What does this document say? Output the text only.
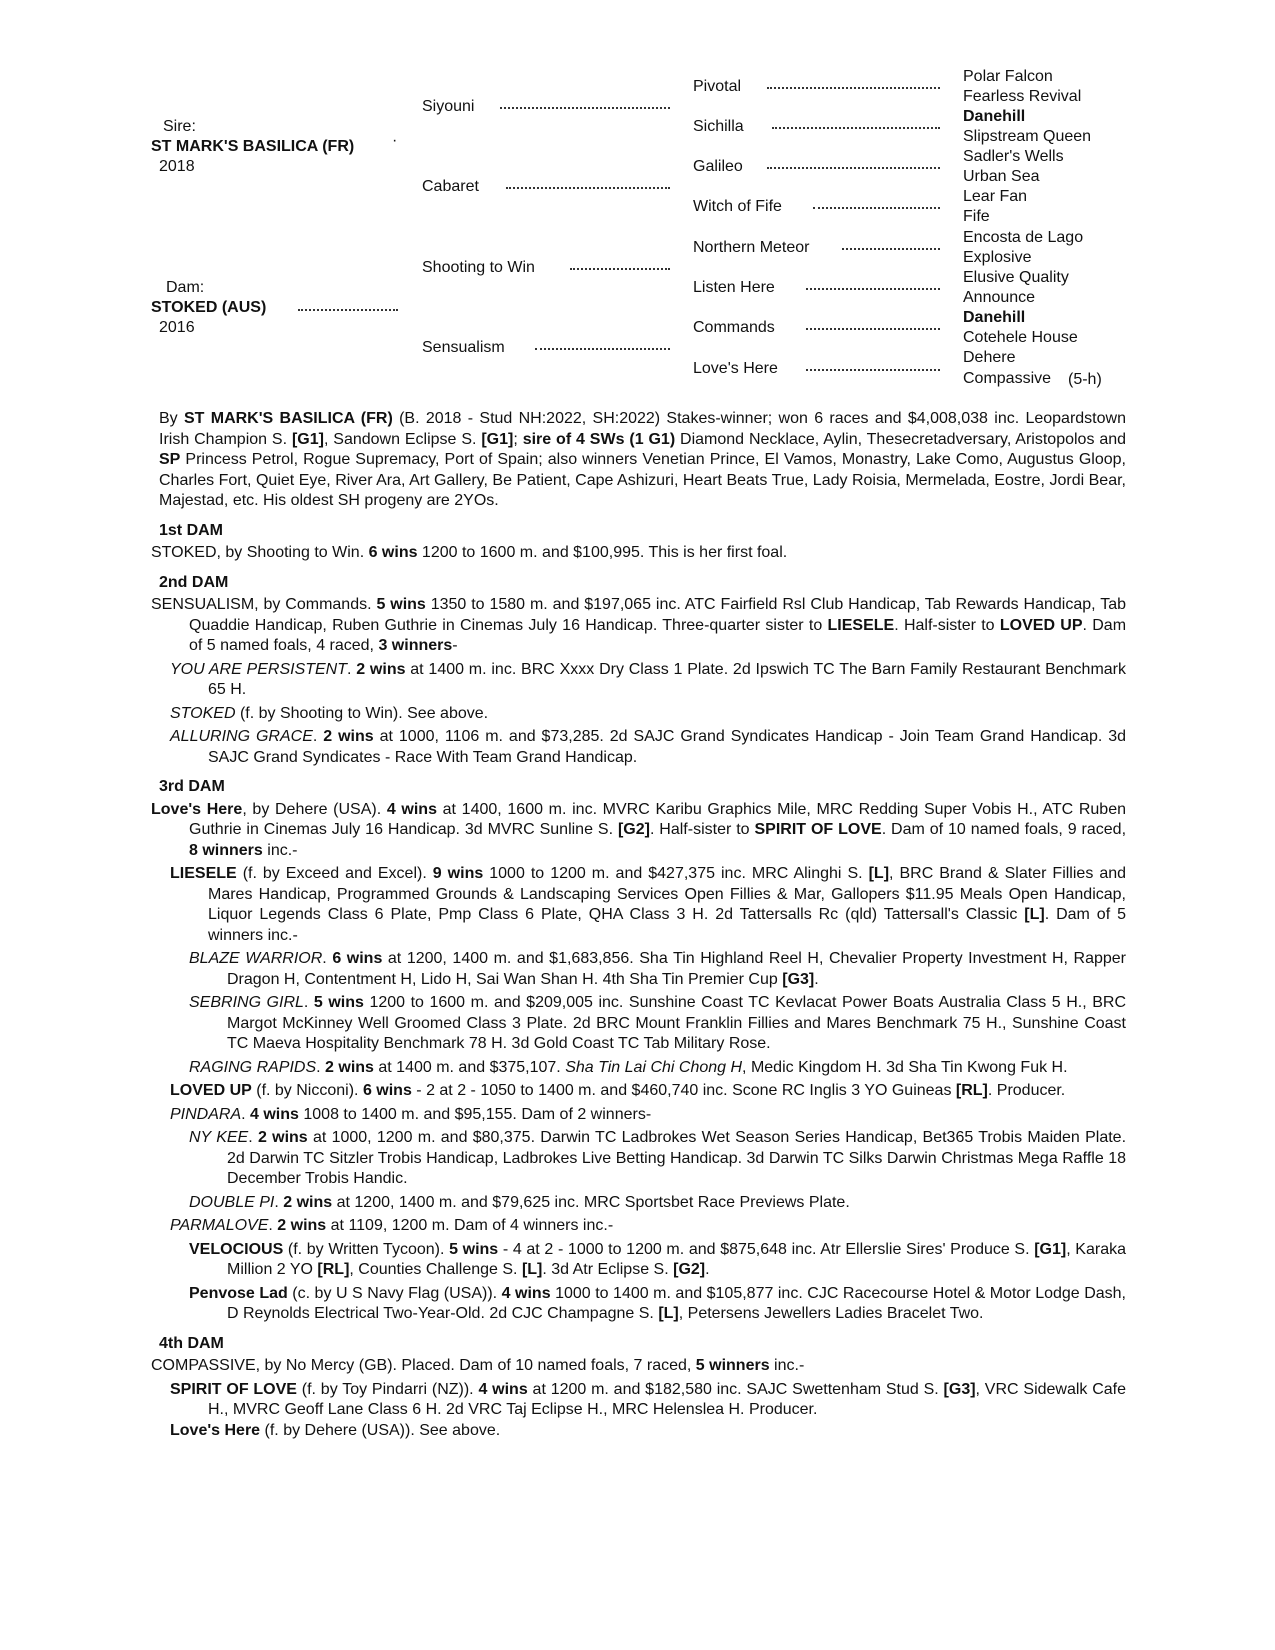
Sire:
ST MARK'S BASILICA (FR) ·
2018
Dam:
STOKED (AUS)
2016
Siyouni
Cabaret
Shooting to Win
Sensualism
Pivotal
Sichilla
Galileo
Witch of Fife
Northern Meteor
Listen Here
Commands
Love's Here
Polar Falcon
Fearless Revival
Danehill
Slipstream Queen
Sadler's Wells
Urban Sea
Lear Fan
Fife
Encosta de Lago
Explosive
Elusive Quality
Announce
Danehill
Cotehele House
Dehere
Compassive (5-h)

By ST MARK'S BASILICA (FR) (B. 2018 - Stud NH:2022, SH:2022) Stakes-winner; won 6 races and $4,008,038 inc. Leopardstown Irish Champion S. [G1], Sandown Eclipse S. [G1]; sire of 4 SWs (1 G1) Diamond Necklace, Aylin, Thesecretadversary, Aristopolos and SP Princess Petrol, Rogue Supremacy, Port of Spain; also winners Venetian Prince, El Vamos, Monastry, Lake Como, Augustus Gloop, Charles Fort, Quiet Eye, River Ara, Art Gallery, Be Patient, Cape Ashizuri, Heart Beats True, Lady Roisia, Mermelada, Eostre, Jordi Bear, Majestad, etc. His oldest SH progeny are 2YOs.

1st DAM

STOKED, by Shooting to Win. 6 wins 1200 to 1600 m. and $100,995. This is her first foal.

2nd DAM

SENSUALISM, by Commands. 5 wins 1350 to 1580 m. and $197,065 inc. ATC Fairfield Rsl Club Handicap, Tab Rewards Handicap, Tab Quaddie Handicap, Ruben Guthrie in Cinemas July 16 Handicap. Three-quarter sister to LIESELE. Half-sister to LOVED UP. Dam of 5 named foals, 4 raced, 3 winners-

YOU ARE PERSISTENT. 2 wins at 1400 m. inc. BRC Xxxx Dry Class 1 Plate. 2d Ipswich TC The Barn Family Restaurant Benchmark 65 H.

STOKED (f. by Shooting to Win). See above.

ALLURING GRACE. 2 wins at 1000, 1106 m. and $73,285. 2d SAJC Grand Syndicates Handicap - Join Team Grand Handicap. 3d SAJC Grand Syndicates - Race With Team Grand Handicap.

3rd DAM

Love's Here, by Dehere (USA). 4 wins at 1400, 1600 m. inc. MVRC Karibu Graphics Mile, MRC Redding Super Vobis H., ATC Ruben Guthrie in Cinemas July 16 Handicap. 3d MVRC Sunline S. [G2]. Half-sister to SPIRIT OF LOVE. Dam of 10 named foals, 9 raced, 8 winners inc.-

LIESELE (f. by Exceed and Excel). 9 wins 1000 to 1200 m. and $427,375 inc. MRC Alinghi S. [L], BRC Brand & Slater Fillies and Mares Handicap, Programmed Grounds & Landscaping Services Open Fillies & Mar, Gallopers $11.95 Meals Open Handicap, Liquor Legends Class 6 Plate, Pmp Class 6 Plate, QHA Class 3 H. 2d Tattersalls Rc (qld) Tattersall's Classic [L]. Dam of 5 winners inc.-

BLAZE WARRIOR. 6 wins at 1200, 1400 m. and $1,683,856. Sha Tin Highland Reel H, Chevalier Property Investment H, Rapper Dragon H, Contentment H, Lido H, Sai Wan Shan H. 4th Sha Tin Premier Cup [G3].

SEBRING GIRL. 5 wins 1200 to 1600 m. and $209,005 inc. Sunshine Coast TC Kevlacat Power Boats Australia Class 5 H., BRC Margot McKinney Well Groomed Class 3 Plate. 2d BRC Mount Franklin Fillies and Mares Benchmark 75 H., Sunshine Coast TC Maeva Hospitality Benchmark 78 H. 3d Gold Coast TC Tab Military Rose.

RAGING RAPIDS. 2 wins at 1400 m. and $375,107. Sha Tin Lai Chi Chong H, Medic Kingdom H. 3d Sha Tin Kwong Fuk H.

LOVED UP (f. by Nicconi). 6 wins - 2 at 2 - 1050 to 1400 m. and $460,740 inc. Scone RC Inglis 3 YO Guineas [RL]. Producer.

PINDARA. 4 wins 1008 to 1400 m. and $95,155. Dam of 2 winners-

NY KEE. 2 wins at 1000, 1200 m. and $80,375. Darwin TC Ladbrokes Wet Season Series Handicap, Bet365 Trobis Maiden Plate. 2d Darwin TC Sitzler Trobis Handicap, Ladbrokes Live Betting Handicap. 3d Darwin TC Silks Darwin Christmas Mega Raffle 18 December Trobis Handic.

DOUBLE PI. 2 wins at 1200, 1400 m. and $79,625 inc. MRC Sportsbet Race Previews Plate.

PARMALOVE. 2 wins at 1109, 1200 m. Dam of 4 winners inc.-

VELOCIOUS (f. by Written Tycoon). 5 wins - 4 at 2 - 1000 to 1200 m. and $875,648 inc. Atr Ellerslie Sires' Produce S. [G1], Karaka Million 2 YO [RL], Counties Challenge S. [L]. 3d Atr Eclipse S. [G2].

Penvose Lad (c. by U S Navy Flag (USA)). 4 wins 1000 to 1400 m. and $105,877 inc. CJC Racecourse Hotel & Motor Lodge Dash, D Reynolds Electrical Two-Year-Old. 2d CJC Champagne S. [L], Petersens Jewellers Ladies Bracelet Two.

4th DAM

COMPASSIVE, by No Mercy (GB). Placed. Dam of 10 named foals, 7 raced, 5 winners inc.-

SPIRIT OF LOVE (f. by Toy Pindarri (NZ)). 4 wins at 1200 m. and $182,580 inc. SAJC Swettenham Stud S. [G3], VRC Sidewalk Cafe H., MVRC Geoff Lane Class 6 H. 2d VRC Taj Eclipse H., MRC Helenslea H. Producer.

Love's Here (f. by Dehere (USA)). See above.
